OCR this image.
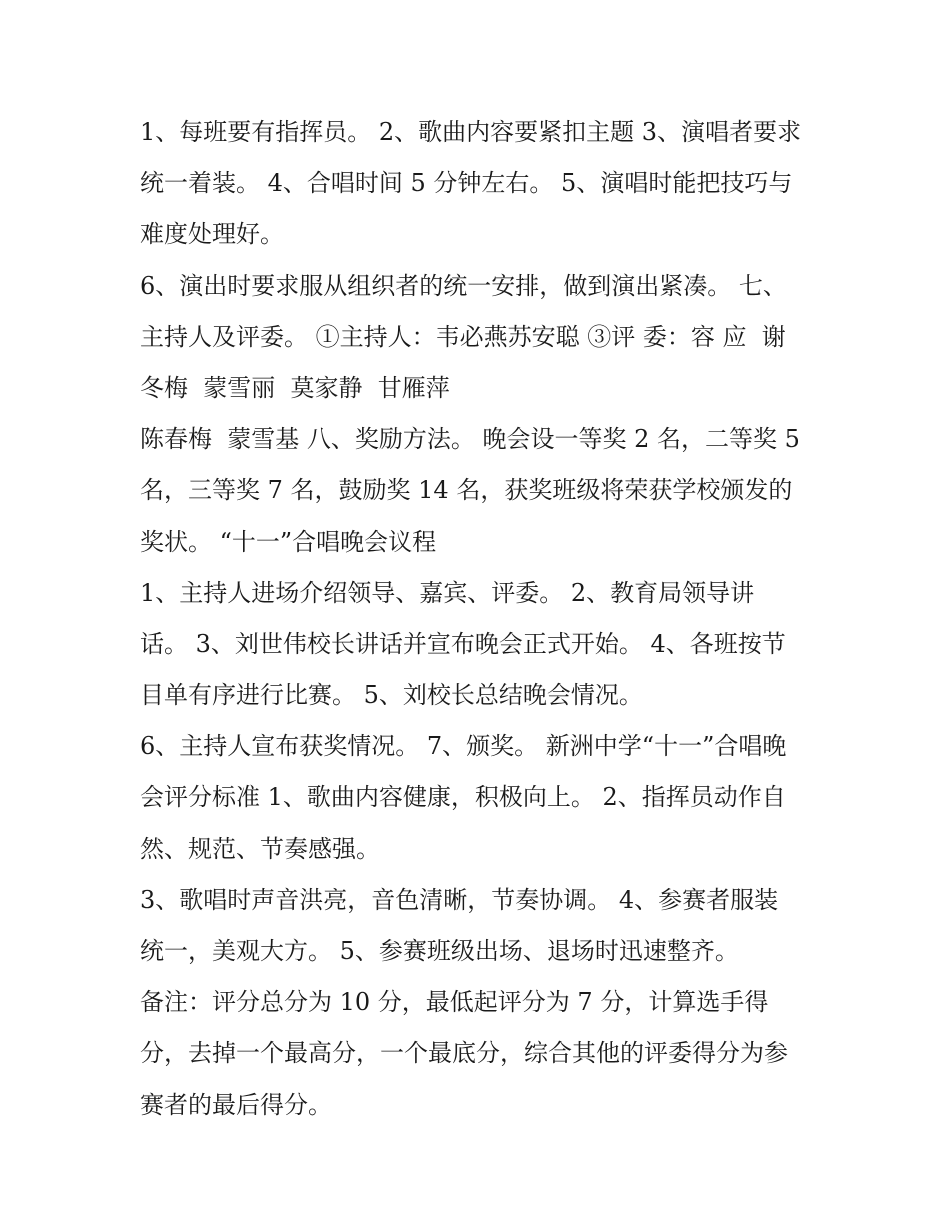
1、每班要有指挥员。 2、歌曲内容要紧扣主题 3、演唱者要求
统一着装。 4、合唱时间 5 分钟左右。 5、演唱时能把技巧与
难度处理好。
6、演出时要求服从组织者的统一安排，做到演出紧凑。 七、
主持人及评委。 ①主持人：韦必燕苏安聪 ③评 委：容 应  谢
冬梅  蒙雪丽  莫家静  甘雁萍
陈春梅  蒙雪基 八、奖励方法。 晚会设一等奖 2 名，二等奖 5
名，三等奖 7 名，鼓励奖 14 名，获奖班级将荣获学校颁发的
奖状。 “十一”合唱晚会议程
1、主持人进场介绍领导、嘉宾、评委。 2、教育局领导讲
话。 3、刘世伟校长讲话并宣布晚会正式开始。 4、各班按节
目单有序进行比赛。 5、刘校长总结晚会情况。
6、主持人宣布获奖情况。 7、颁奖。 新洲中学“十一”合唱晚
会评分标准 1、歌曲内容健康，积极向上。 2、指挥员动作自
然、规范、节奏感强。
3、歌唱时声音洪亮，音色清晰，节奏协调。 4、参赛者服装
统一，美观大方。 5、参赛班级出场、退场时迅速整齐。
备注：评分总分为 10 分，最低起评分为 7 分，计算选手得
分，去掉一个最高分，一个最底分，综合其他的评委得分为参
赛者的最后得分。
